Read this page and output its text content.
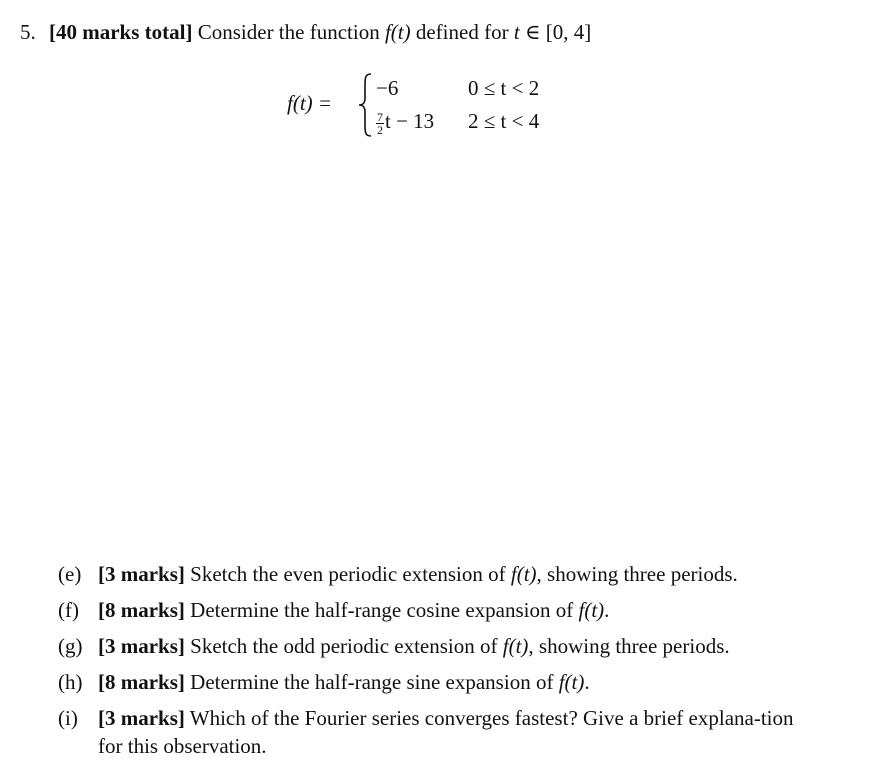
5. [40 marks total] Consider the function f(t) defined for t ∈ [0, 4]
f(t) =
−6	0 ≤ t < 2
$\frac{7}{2}$ t − 13 2 ≤ t < 4
(e) [3 marks] Sketch the even periodic extension of f(t), showing three periods.
(f) [8 marks] Determine the half-range cosine expansion of f(t).
(g) [3 marks] Sketch the odd periodic extension of f(t), showing three periods.
(h) [8 marks] Determine the half-range sine expansion of f(t).
(i) [3 marks] Which of the Fourier series converges fastest? Give a brief explana-tion for this observation.
